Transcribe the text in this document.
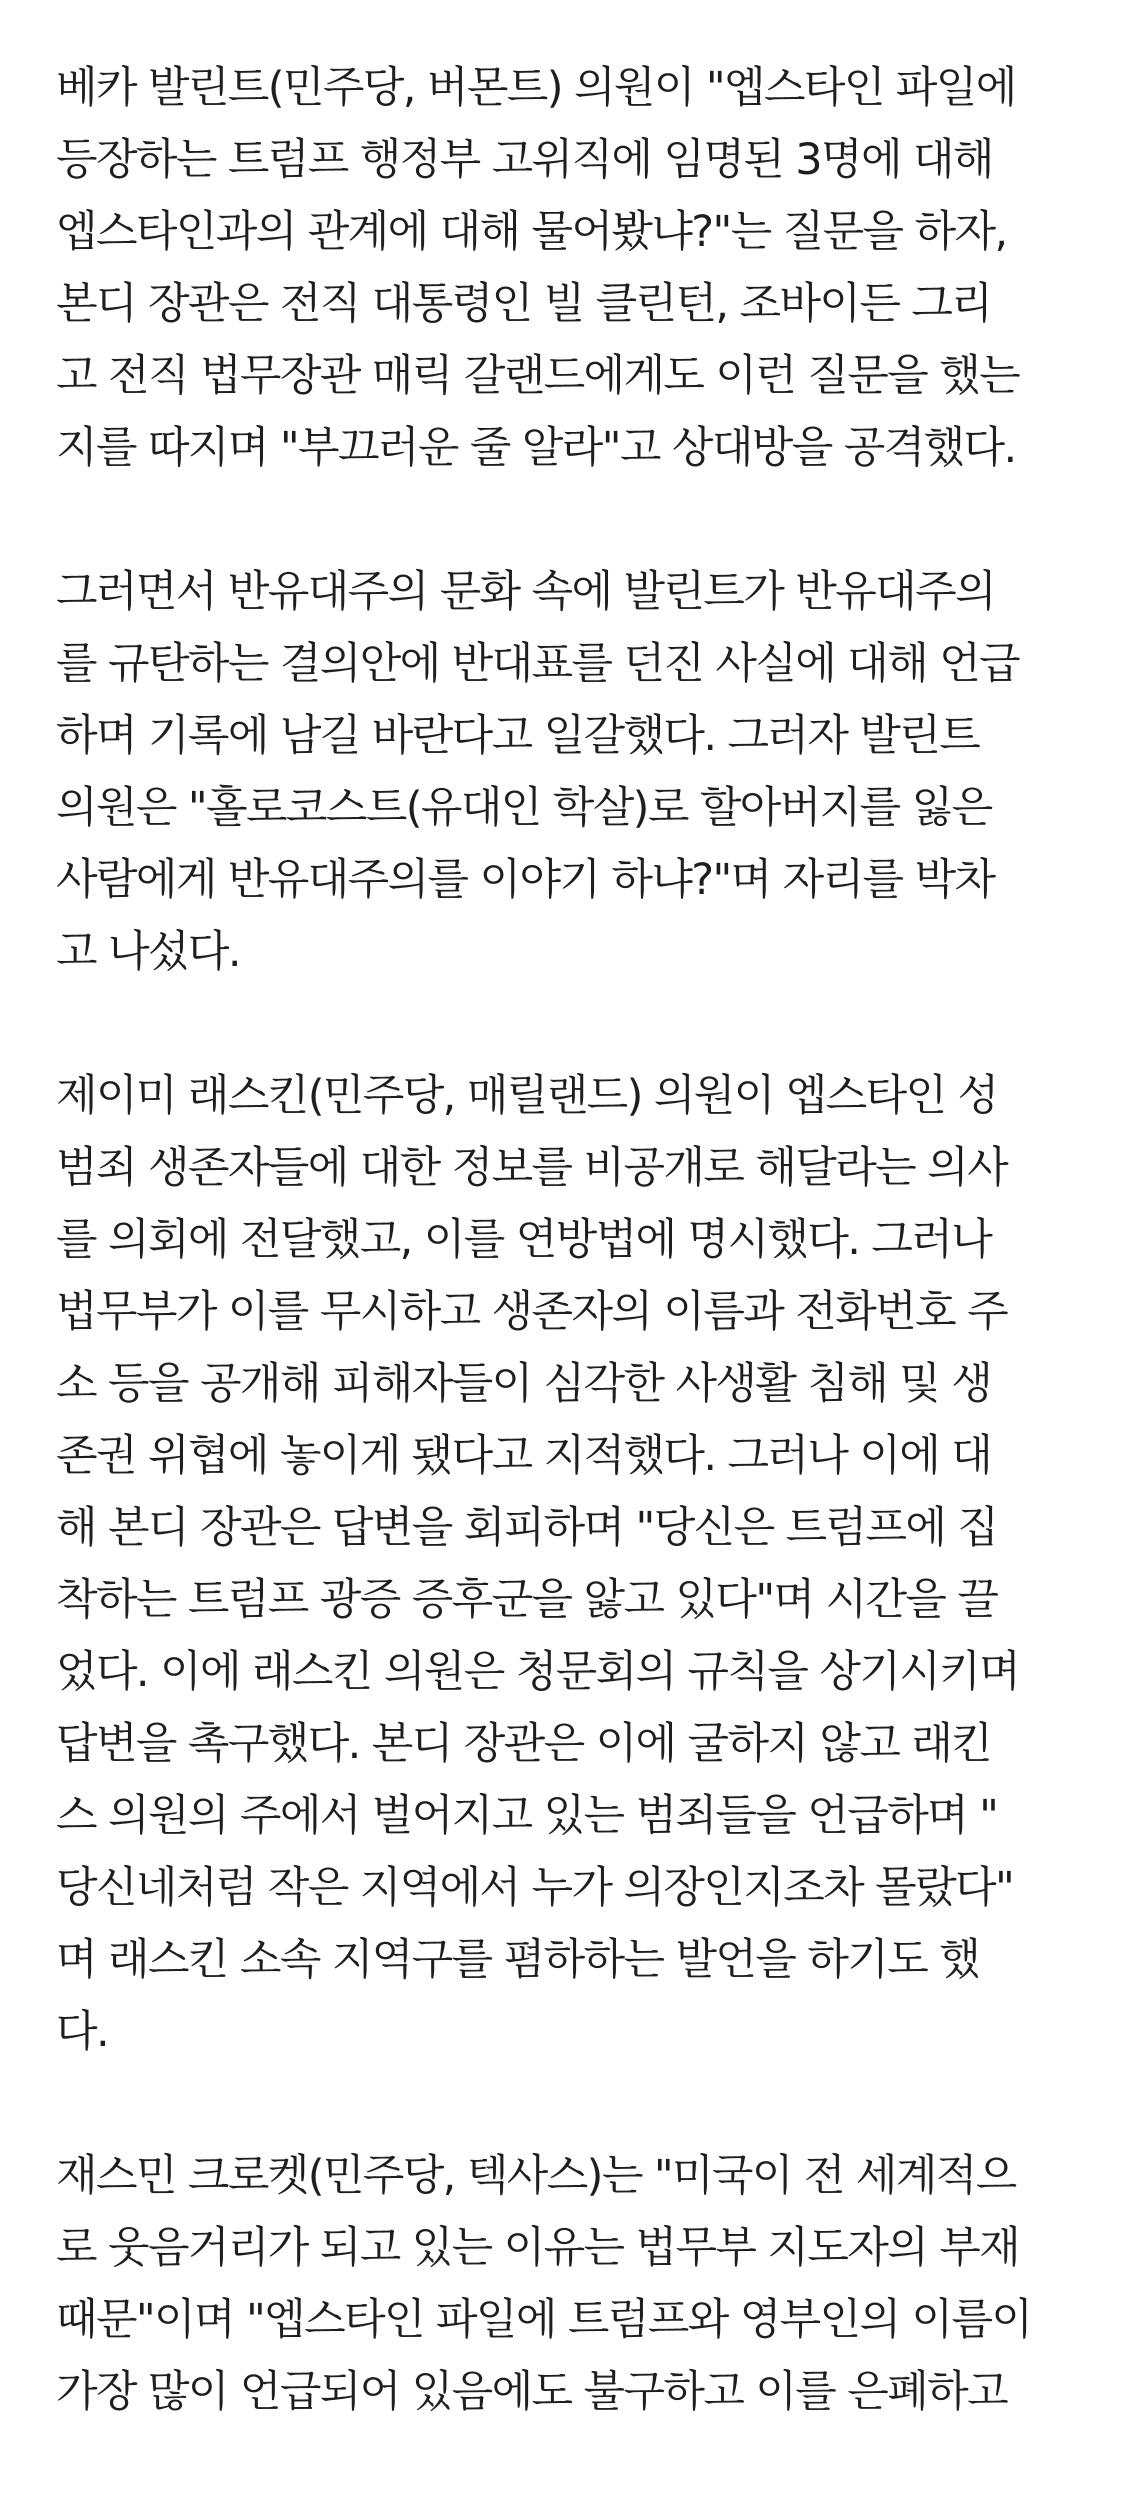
베카 발린트(민주당, 버몬트) 의원이 "엡스타인 파일에
등장하는 트럼프 행정부 고위직에 임명된 3명에 대해
엡스타인과의 관계에 대해 물어봤냐?"는 질문을 하자,
본디 장관은 전직 대통령인 빌 클린턴, 조바이든 그리
고 전직 법무장관 매릭 갈랜드에게도 이런 질문을 했는
지를 따지며 "부끄러운 줄 알라"고 상대방을 공격했다.
그러면서 반유대주의 문화 속에 발린트가 반유대주의
를 규탄하는 결의안에 반대표를 던진 사실에 대해 언급
하며 기록에 남길 바란다고 일갈했다. 그러자 발린트
의원은 "홀로코스트(유대인 학살)로 할아버지를 잃은
사람에게 반유대주의를 이야기 하냐?"며 자리를 박차
고 나섰다.
제이미 래스킨(민주당, 매릴랜드) 의원이 엡스타인 성
범죄 생존자들에 대한 정보를 비공개로 해달라는 의사
를 의회에 전달했고, 이를 연방법에 명시했다. 그러나
법무부가 이를 무시하고 생존자의 이름과 전화번호 주
소 등을 공개해 피해자들이 심각한 사생활 침해 및 생
존권 위협에 놓이게 됐다고 지적했다. 그러나 이에 대
해 본디 장관은 답변을 회피하며 "당신은 트럼프에 집
착하는 트럼프 광증 증후군을 앓고 있다"며 시간을 끌
었다. 이에 래스킨 의원은 청문회의 규칙을 상기시키며
답변을 촉구했다. 본디 장관은 이에 굴하지 않고 래킨
스 의원의 주에서 벌어지고 있는 범죄들을 언급하며 "
당신네처럼 작은 지역에서 누가 의장인지조차 몰랐다"
며 래스킨 소속 지역구를 폄하하는 발언을 하기도 했
다.
재스민 크로켓(민주당, 텍사스)는 "미국이 전 세계적으
로 웃음거리가 되고 있는 이유는 법무부 지도자의 부재
때문"이며 "엡스타인 파일에 트럼프와 영부인의 이름이
가장 많이 언급되어 있음에도 불구하고 이를 은폐하고
